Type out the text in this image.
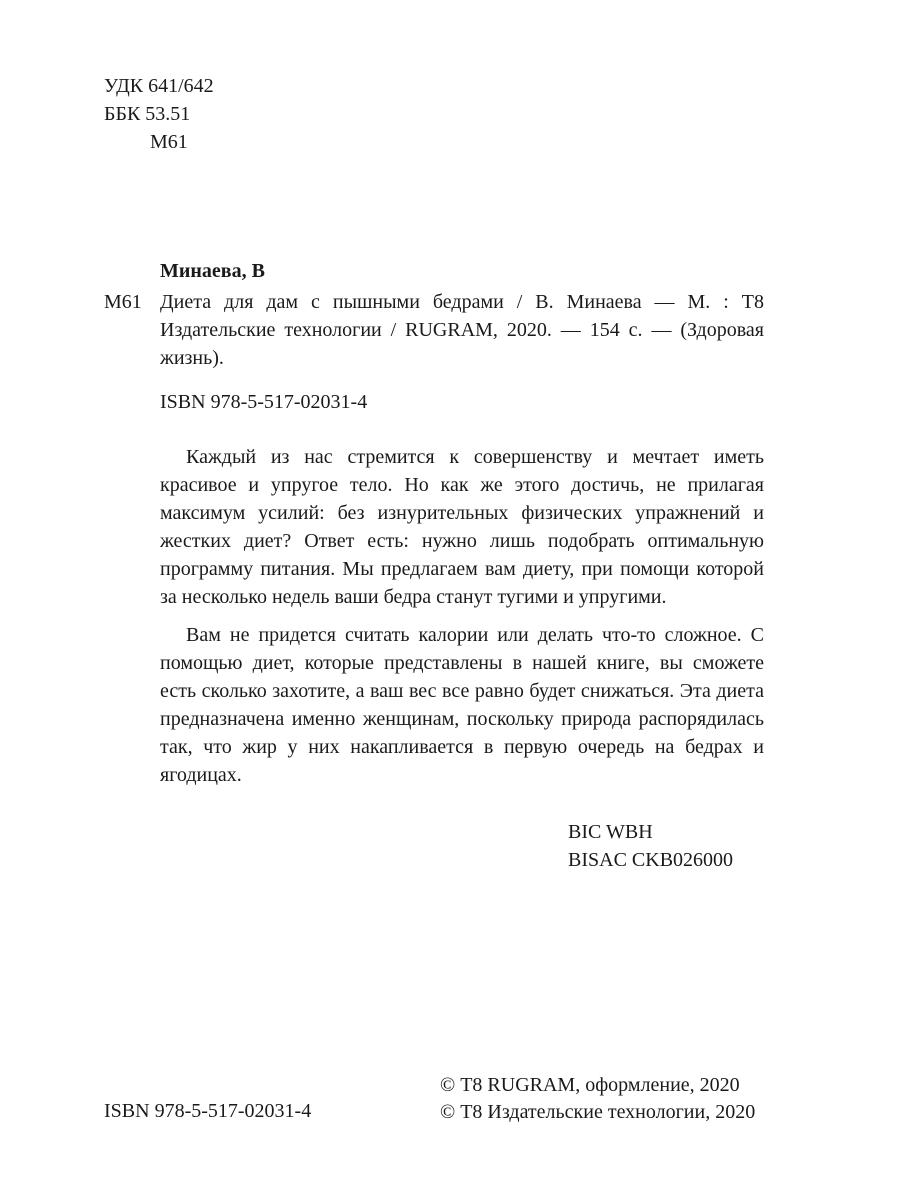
УДК 641/642
ББК 53.51
М61
Минаева, В
М61 Диета для дам с пышными бедрами / В. Минаева — М. : Т8 Издательские технологии / RUGRAM, 2020. — 154 с. — (Здоровая жизнь).
ISBN 978-5-517-02031-4

Каждый из нас стремится к совершенству и мечтает иметь красивое и упругое тело. Но как же этого достичь, не прилагая максимум усилий: без изнурительных физических упражнений и жестких диет? Ответ есть: нужно лишь подобрать оптимальную программу питания. Мы предлагаем вам диету, при помощи которой за несколько недель ваши бедра станут тугими и упругими.

Вам не придется считать калории или делать что-то сложное. С помощью диет, которые представлены в нашей книге, вы сможете есть сколько захотите, а ваш вес все равно будет снижаться. Эта диета предназначена именно женщинам, поскольку природа распорядилась так, что жир у них накапливается в первую очередь на бедрах и ягодицах.

BIC WBH
BISAC CKB026000
ISBN 978-5-517-02031-4
© Т8 RUGRAM, оформление, 2020
© Т8 Издательские технологии, 2020
